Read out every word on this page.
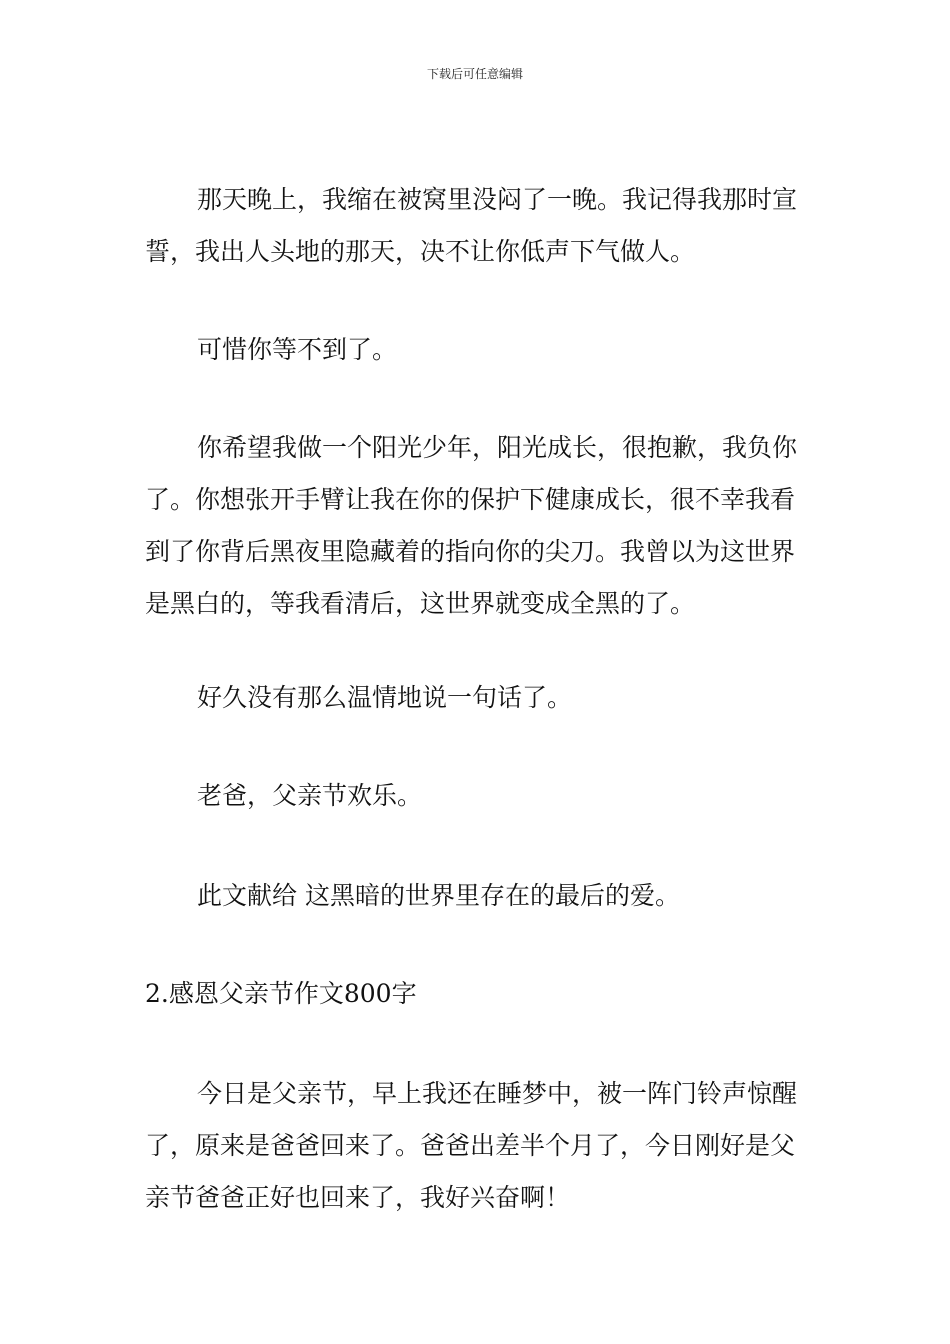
下载后可任意编辑

那天晚上，我缩在被窝里没闷了一晚。我记得我那时宣誓，我出人头地的那天，决不让你低声下气做人。

可惜你等不到了。

你希望我做一个阳光少年，阳光成长，很抱歉，我负你了。你想张开手臂让我在你的保护下健康成长，很不幸我看到了你背后黑夜里隐藏着的指向你的尖刀。我曾以为这世界是黑白的，等我看清后，这世界就变成全黑的了。

好久没有那么温情地说一句话了。

老爸，父亲节欢乐。

此文献给 这黑暗的世界里存在的最后的爱。

2.感恩父亲节作文800字

今日是父亲节，早上我还在睡梦中，被一阵门铃声惊醒了，原来是爸爸回来了。爸爸出差半个月了，今日刚好是父亲节爸爸正好也回来了，我好兴奋啊！
